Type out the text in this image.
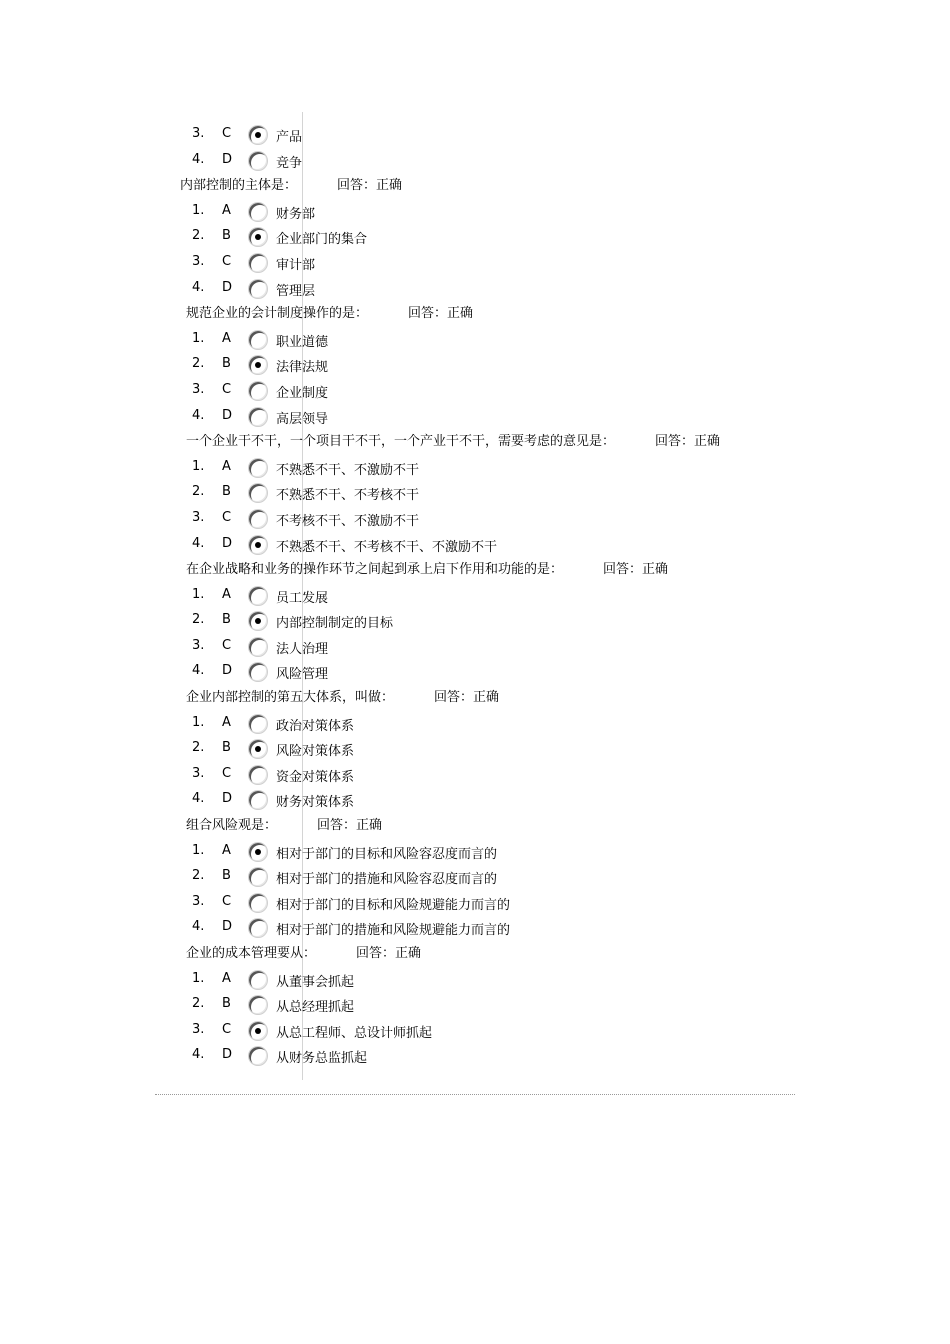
3. C	产品
4. D	竞争
内部控制的主体是：	回答：正确
1. A	财务部
2. B	企业部门的集合
3. C	审计部
4. D	管理层
规范企业的会计制度操作的是：	回答：正确
1. A	职业道德
2. B	法律法规
3. C	企业制度
4. D	高层领导
一个企业干不干，一个项目干不干，一个产业干不干，需要考虑的意见是：	回答：正确
1. A	不熟悉不干、不激励不干
2. B	不熟悉不干、不考核不干
3. C	不考核不干、不激励不干
4. D	不熟悉不干、不考核不干、不激励不干
在企业战略和业务的操作环节之间起到承上启下作用和功能的是：	回答：正确
1. A	员工发展
2. B	内部控制制定的目标
3. C	法人治理
4. D	风险管理
企业内部控制的第五大体系，叫做：	回答：正确
1. A	政治对策体系
2. B	风险对策体系
3. C	资金对策体系
4. D	财务对策体系
组合风险观是：	回答：正确
1. A	相对于部门的目标和风险容忍度而言的
2. B	相对于部门的措施和风险容忍度而言的
3. C	相对于部门的目标和风险规避能力而言的
4. D	相对于部门的措施和风险规避能力而言的
企业的成本管理要从：	回答：正确
1. A	从董事会抓起
2. B	从总经理抓起
3. C	从总工程师、总设计师抓起
4. D	从财务总监抓起
